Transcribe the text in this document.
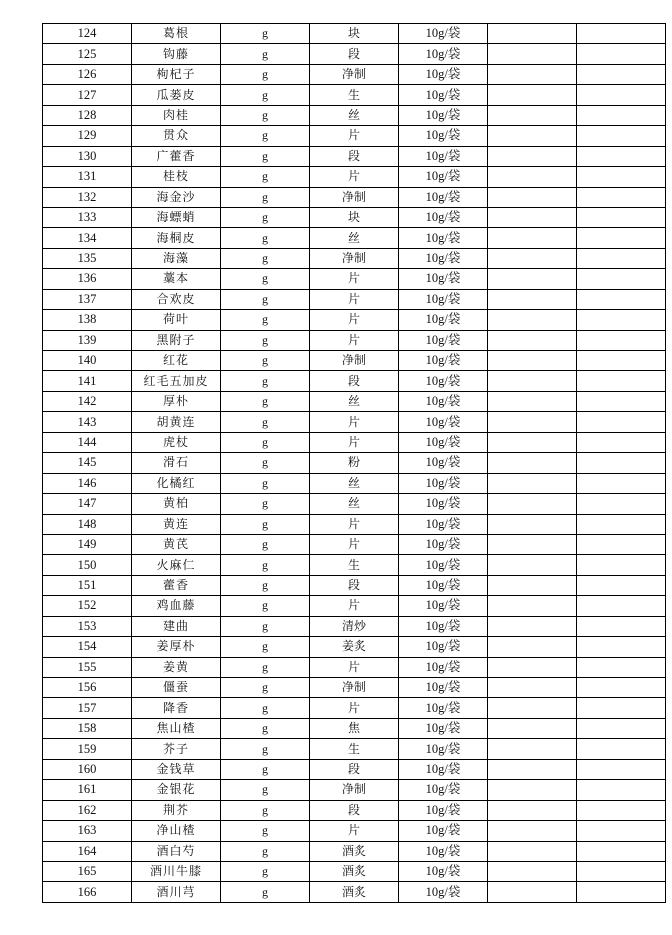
124	葛根	g	块	10g/袋		
125	钩藤	g	段	10g/袋		
126	枸杞子	g	净制	10g/袋		
127	瓜蒌皮	g	生	10g/袋		
128	肉桂	g	丝	10g/袋		
129	贯众	g	片	10g/袋		
130	广藿香	g	段	10g/袋		
131	桂枝	g	片	10g/袋		
132	海金沙	g	净制	10g/袋		
133	海螵蛸	g	块	10g/袋		
134	海桐皮	g	丝	10g/袋		
135	海藻	g	净制	10g/袋		
136	藁本	g	片	10g/袋		
137	合欢皮	g	片	10g/袋		
138	荷叶	g	片	10g/袋		
139	黑附子	g	片	10g/袋		
140	红花	g	净制	10g/袋		
141	红毛五加皮	g	段	10g/袋		
142	厚朴	g	丝	10g/袋		
143	胡黄连	g	片	10g/袋		
144	虎杖	g	片	10g/袋		
145	滑石	g	粉	10g/袋		
146	化橘红	g	丝	10g/袋		
147	黄柏	g	丝	10g/袋		
148	黄连	g	片	10g/袋		
149	黄芪	g	片	10g/袋		
150	火麻仁	g	生	10g/袋		
151	藿香	g	段	10g/袋		
152	鸡血藤	g	片	10g/袋		
153	建曲	g	清炒	10g/袋		
154	姜厚朴	g	姜炙	10g/袋		
155	姜黄	g	片	10g/袋		
156	僵蚕	g	净制	10g/袋		
157	降香	g	片	10g/袋		
158	焦山楂	g	焦	10g/袋		
159	芥子	g	生	10g/袋		
160	金钱草	g	段	10g/袋		
161	金银花	g	净制	10g/袋		
162	荆芥	g	段	10g/袋		
163	净山楂	g	片	10g/袋		
164	酒白芍	g	酒炙	10g/袋		
165	酒川牛膝	g	酒炙	10g/袋		
166	酒川芎	g	酒炙	10g/袋		
